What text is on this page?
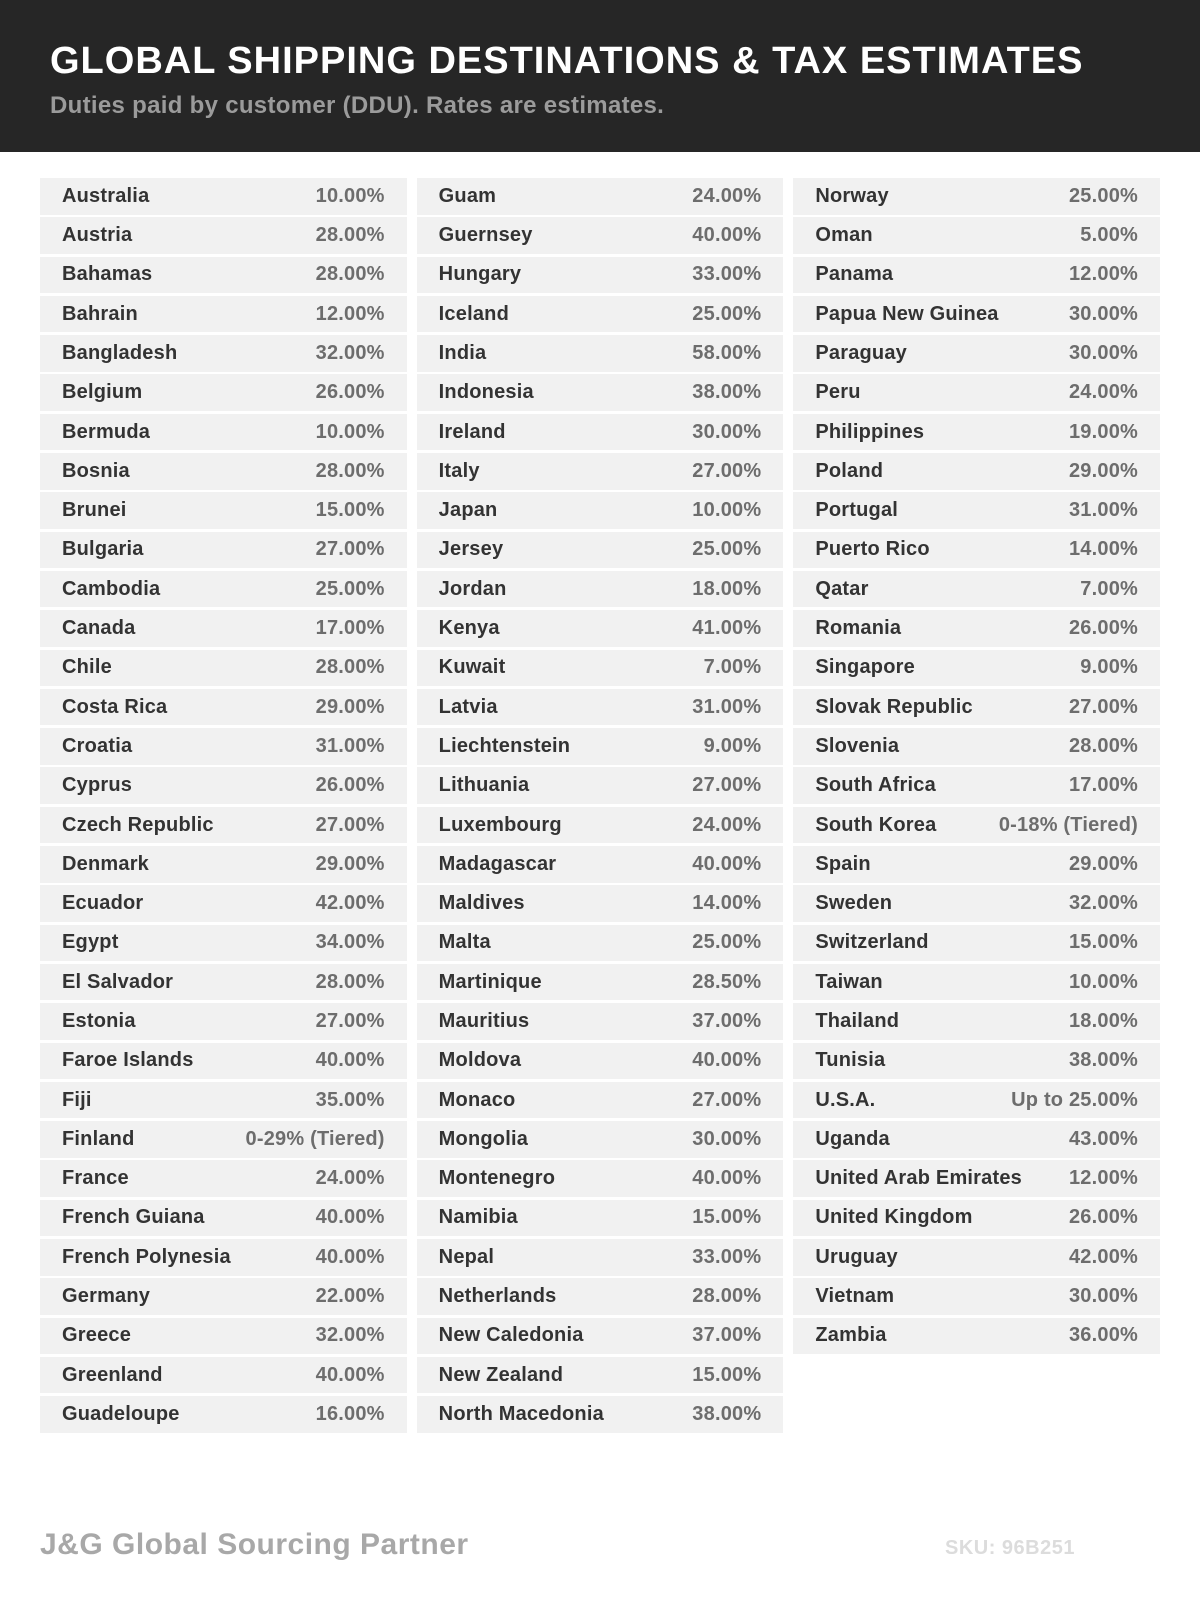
GLOBAL SHIPPING DESTINATIONS & TAX ESTIMATES

Duties paid by customer (DDU). Rates are estimates.

Australia	10.00%
Austria	28.00%
Bahamas	28.00%
Bahrain	12.00%
Bangladesh	32.00%
Belgium	26.00%
Bermuda	10.00%
Bosnia	28.00%
Brunei	15.00%
Bulgaria	27.00%
Cambodia	25.00%
Canada	17.00%
Chile	28.00%
Costa Rica	29.00%
Croatia	31.00%
Cyprus	26.00%
Czech Republic	27.00%
Denmark	29.00%
Ecuador	42.00%
Egypt	34.00%
El Salvador	28.00%
Estonia	27.00%
Faroe Islands	40.00%
Fiji	35.00%
Finland	0-29% (Tiered)
France	24.00%
French Guiana	40.00%
French Polynesia	40.00%
Germany	22.00%
Greece	32.00%
Greenland	40.00%
Guadeloupe	16.00%
Guam	24.00%
Guernsey	40.00%
Hungary	33.00%
Iceland	25.00%
India	58.00%
Indonesia	38.00%
Ireland	30.00%
Italy	27.00%
Japan	10.00%
Jersey	25.00%
Jordan	18.00%
Kenya	41.00%
Kuwait	7.00%
Latvia	31.00%
Liechtenstein	9.00%
Lithuania	27.00%
Luxembourg	24.00%
Madagascar	40.00%
Maldives	14.00%
Malta	25.00%
Martinique	28.50%
Mauritius	37.00%
Moldova	40.00%
Monaco	27.00%
Mongolia	30.00%
Montenegro	40.00%
Namibia	15.00%
Nepal	33.00%
Netherlands	28.00%
New Caledonia	37.00%
New Zealand	15.00%
North Macedonia	38.00%
Norway	25.00%
Oman	5.00%
Panama	12.00%
Papua New Guinea	30.00%
Paraguay	30.00%
Peru	24.00%
Philippines	19.00%
Poland	29.00%
Portugal	31.00%
Puerto Rico	14.00%
Qatar	7.00%
Romania	26.00%
Singapore	9.00%
Slovak Republic	27.00%
Slovenia	28.00%
South Africa	17.00%
South Korea	0-18% (Tiered)
Spain	29.00%
Sweden	32.00%
Switzerland	15.00%
Taiwan	10.00%
Thailand	18.00%
Tunisia	38.00%
U.S.A.	Up to 25.00%
Uganda	43.00%
United Arab Emirates 12.00%
United Kingdom	26.00%
Uruguay	42.00%
Vietnam	30.00%
Zambia	36.00%
J&G Global Sourcing Partner	SKU: 96B251
